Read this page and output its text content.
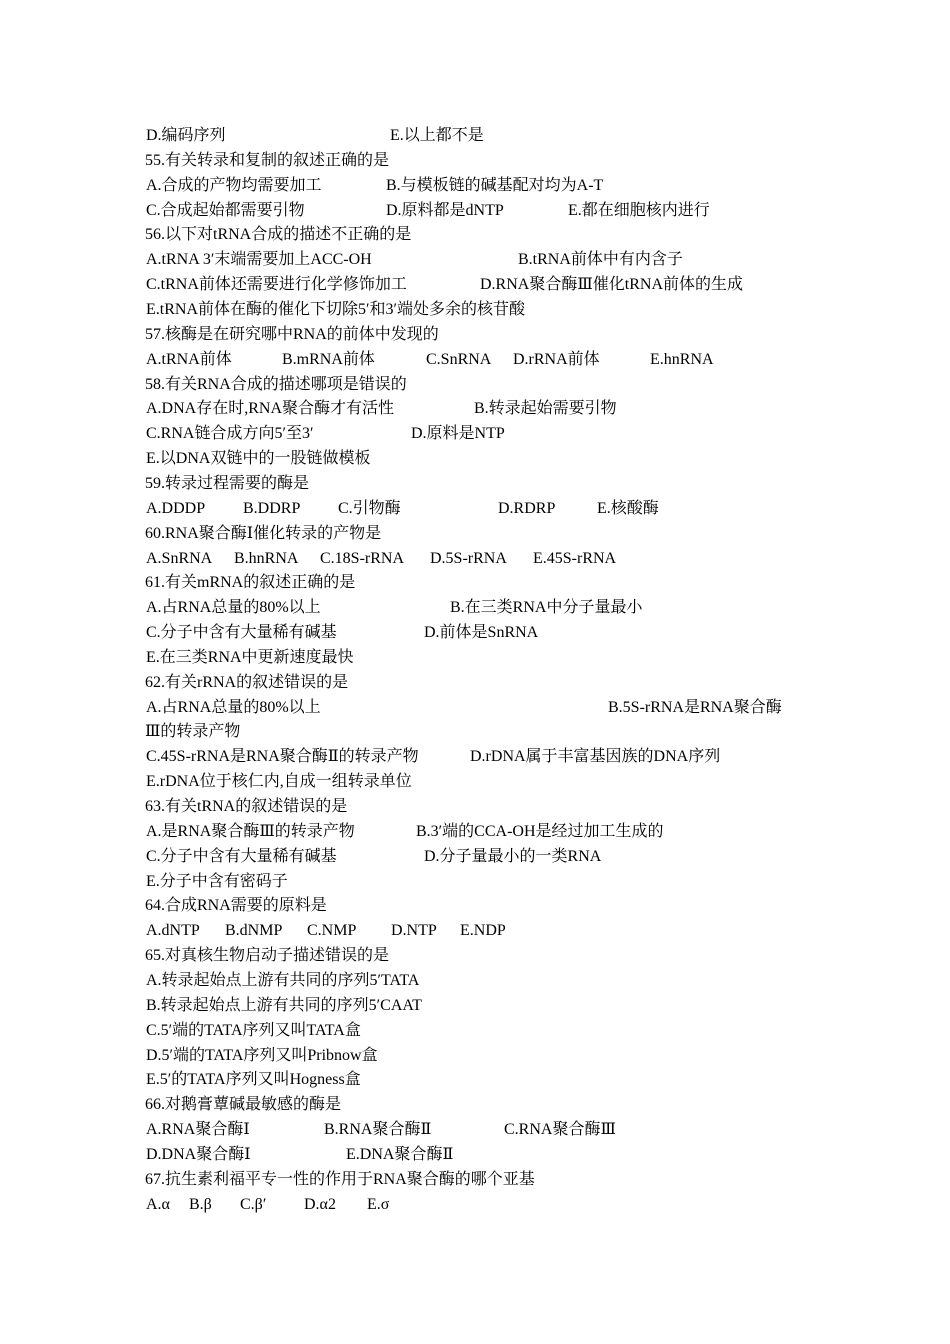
D.编码序列	E.以上都不是
55.有关转录和复制的叙述正确的是
A.合成的产物均需要加工	B.与模板链的碱基配对均为A-T
C.合成起始都需要引物	D.原料都是dNTP	E.都在细胞核内进行
56.以下对tRNA合成的描述不正确的是
A.tRNA 3′末端需要加上ACC-OH	B.tRNA前体中有内含子
C.tRNA前体还需要进行化学修饰加工	D.RNA聚合酶Ⅲ催化tRNA前体的生成
E.tRNA前体在酶的催化下切除5′和3′端处多余的核苷酸
57.核酶是在研究哪中RNA的前体中发现的
A.tRNA前体	B.mRNA前体	C.SnRNA D.rRNA前体	E.hnRNA
58.有关RNA合成的描述哪项是错误的
A.DNA存在时,RNA聚合酶才有活性	B.转录起始需要引物
C.RNA链合成方向5′至3′	D.原料是NTP
E.以DNA双链中的一股链做模板
59.转录过程需要的酶是
A.DDDP B.DDRP C.引物酶	D.RDRP	E.核酸酶
60.RNA聚合酶Ⅰ催化转录的产物是
A.SnRNA B.hnRNA C.18S-rRNA D.5S-rRNA E.45S-rRNA
61.有关mRNA的叙述正确的是
A.占RNA总量的80%以上	B.在三类RNA中分子量最小
C.分子中含有大量稀有碱基	D.前体是SnRNA
E.在三类RNA中更新速度最快
62.有关rRNA的叙述错误的是
A.占RNA总量的80%以上	B.5S-rRNA是RNA聚合酶
Ⅲ的转录产物
C.45S-rRNA是RNA聚合酶Ⅱ的转录产物	D.rDNA属于丰富基因族的DNA序列
E.rDNA位于核仁内,自成一组转录单位
63.有关tRNA的叙述错误的是
A.是RNA聚合酶Ⅲ的转录产物	B.3′端的CCA-OH是经过加工生成的
C.分子中含有大量稀有碱基	D.分子量最小的一类RNA
E.分子中含有密码子
64.合成RNA需要的原料是
A.dNTP B.dNMP C.NMP D.NTP E.NDP
65.对真核生物启动子描述错误的是
A.转录起始点上游有共同的序列5′TATA
B.转录起始点上游有共同的序列5′CAAT
C.5′端的TATA序列又叫TATA盒
D.5′端的TATA序列又叫Pribnow盒
E.5′的TATA序列又叫Hogness盒
66.对鹅膏蕈碱最敏感的酶是
A.RNA聚合酶Ⅰ	B.RNA聚合酶Ⅱ	C.RNA聚合酶Ⅲ
D.DNA聚合酶Ⅰ	E.DNA聚合酶Ⅱ
67.抗生素利福平专一性的作用于RNA聚合酶的哪个亚基
A.α B.β C.β′ D.α2 E.σ
